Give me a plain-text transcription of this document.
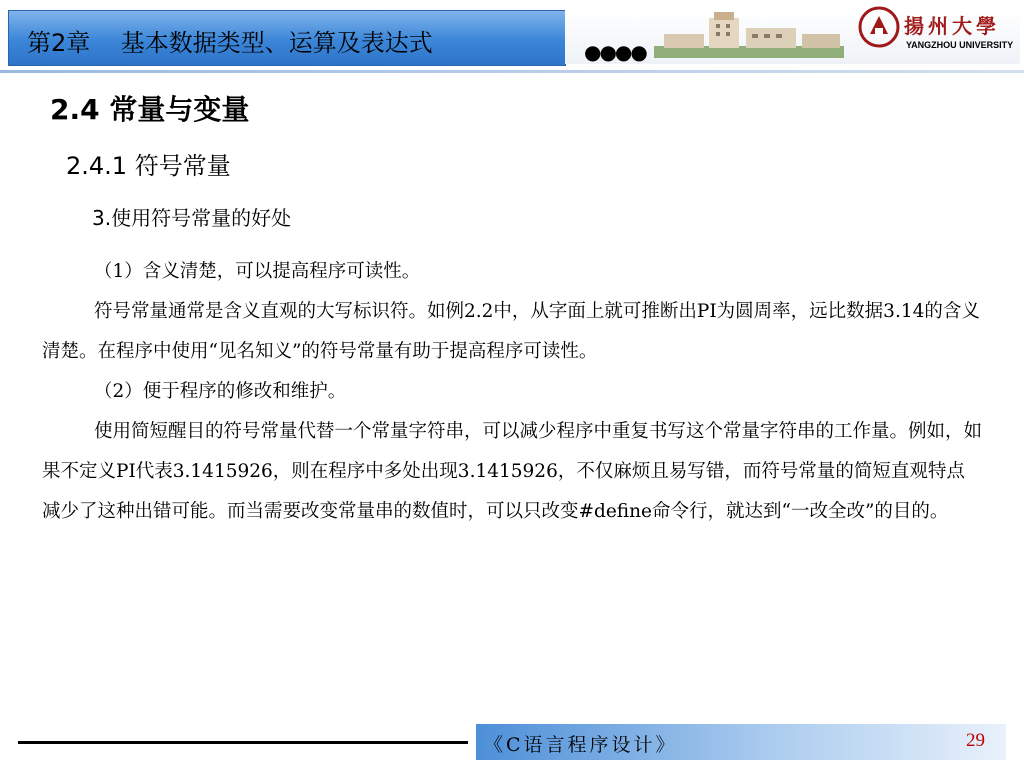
第2章    基本数据类型、运算及表达式	●●●●
揚州大學
YANGZHOU UNIVERSITY
2.4 常量与变量
2.4.1 符号常量
3.使用符号常量的好处

（1）含义清楚，可以提高程序可读性。

符号常量通常是含义直观的大写标识符。如例2.2中，从字面上就可推断出PI为圆周率，远比数据3.14的含义清楚。在程序中使用“见名知义”的符号常量有助于提高程序可读性。

（2）便于程序的修改和维护。

使用简短醒目的符号常量代替一个常量字符串，可以减少程序中重复书写这个常量字符串的工作量。例如，如果不定义PI代表3.1415926，则在程序中多处出现3.1415926，不仅麻烦且易写错，而符号常量的简短直观特点减少了这种出错可能。而当需要改变常量串的数值时，可以只改变#define命令行，就达到“一改全改”的目的。

《C语言程序设计》	29
